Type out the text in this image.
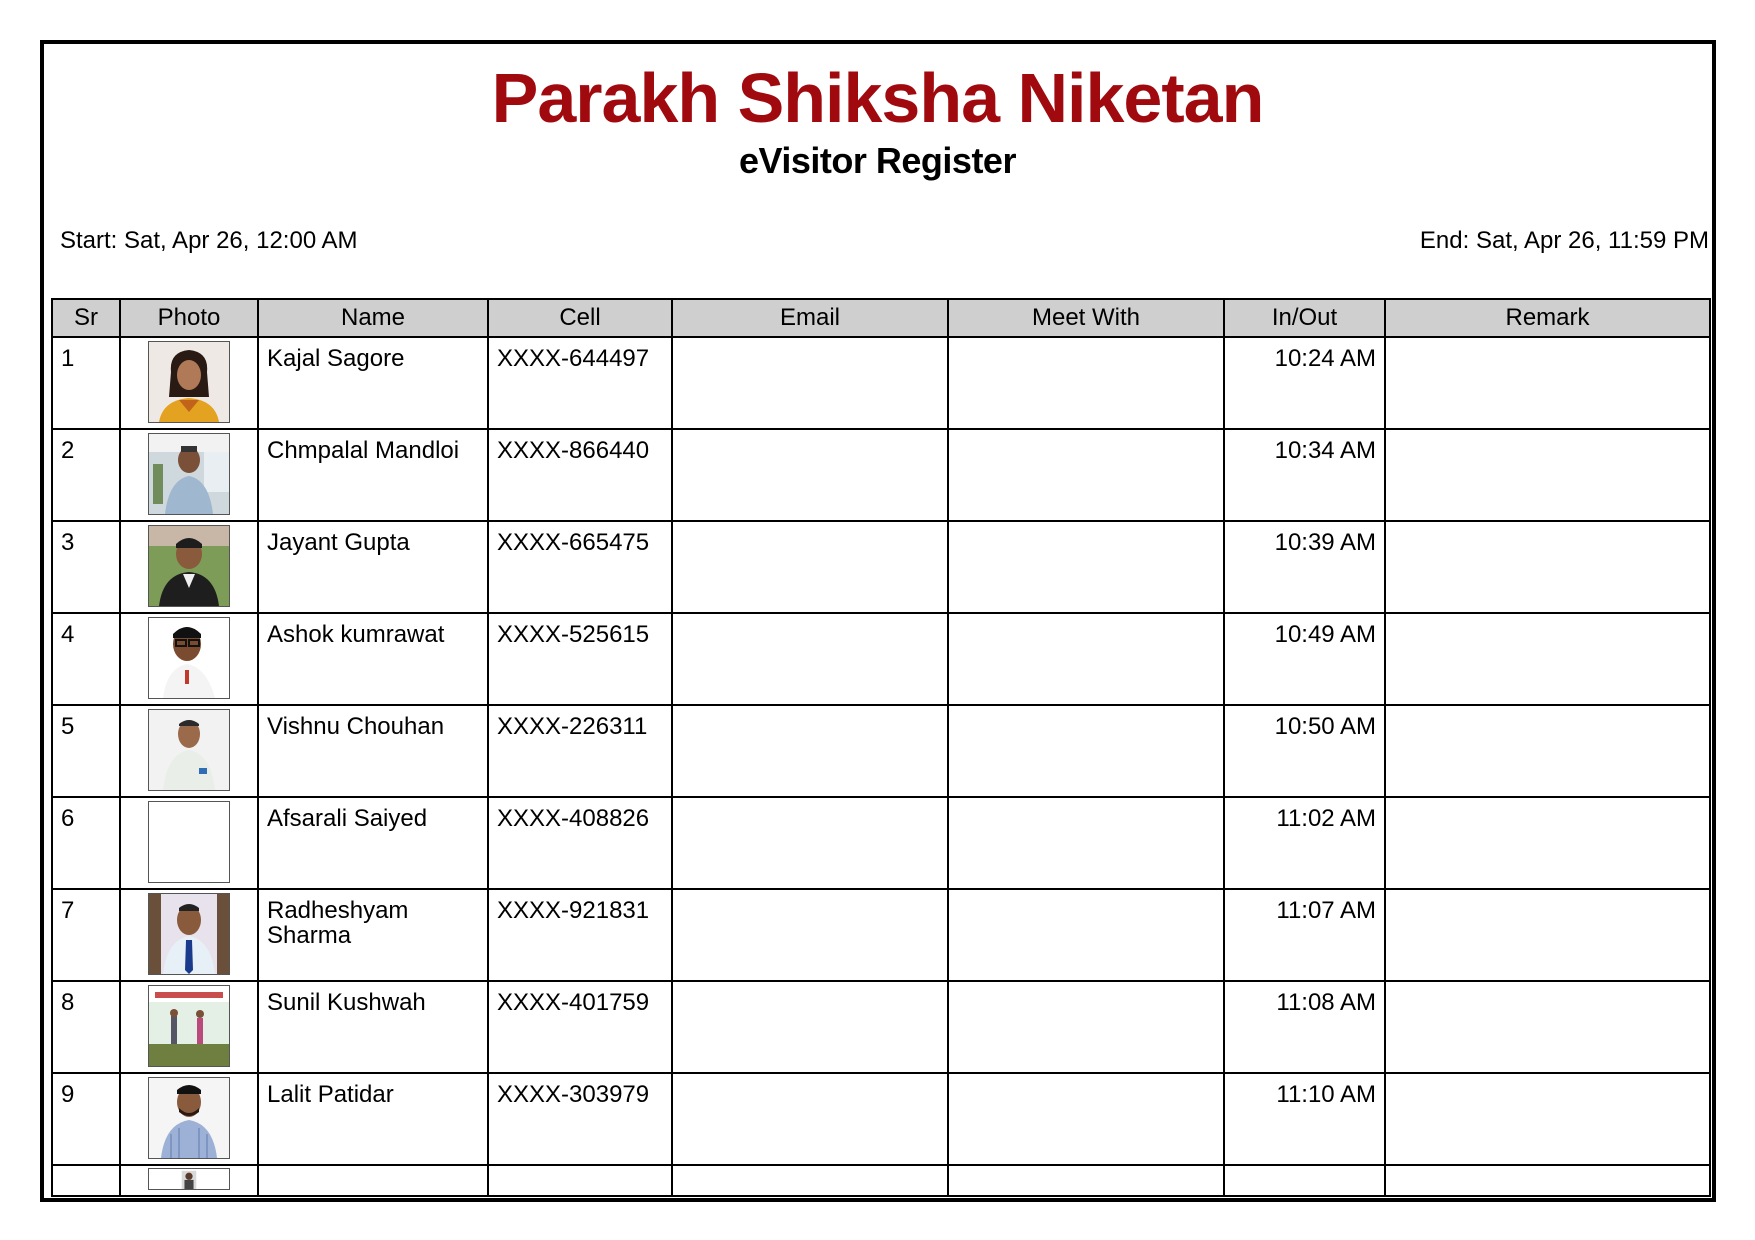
Parakh Shiksha Niketan
eVisitor Register
Start: Sat, Apr 26, 12:00 AM	End: Sat, Apr 26, 11:59 PM
Sr	Photo	Name	Cell	Email	Meet With	In/Out	Remark

1		Kajal Sagore	XXXX-644497			10:24 AM	

2		Chmpalal Mandloi	XXXX-866440			10:34 AM	

3		Jayant Gupta	XXXX-665475			10:39 AM	

4		Ashok kumrawat	XXXX-525615			10:49 AM	

5		Vishnu Chouhan	XXXX-226311			10:50 AM	

6		Afsarali Saiyed	XXXX-408826			11:02 AM	

7		Radheshyam Sharma	XXXX-921831			11:07 AM	

8		Sunil Kushwah	XXXX-401759			11:08 AM	

9		Lalit Patidar	XXXX-303979			11:10 AM	
